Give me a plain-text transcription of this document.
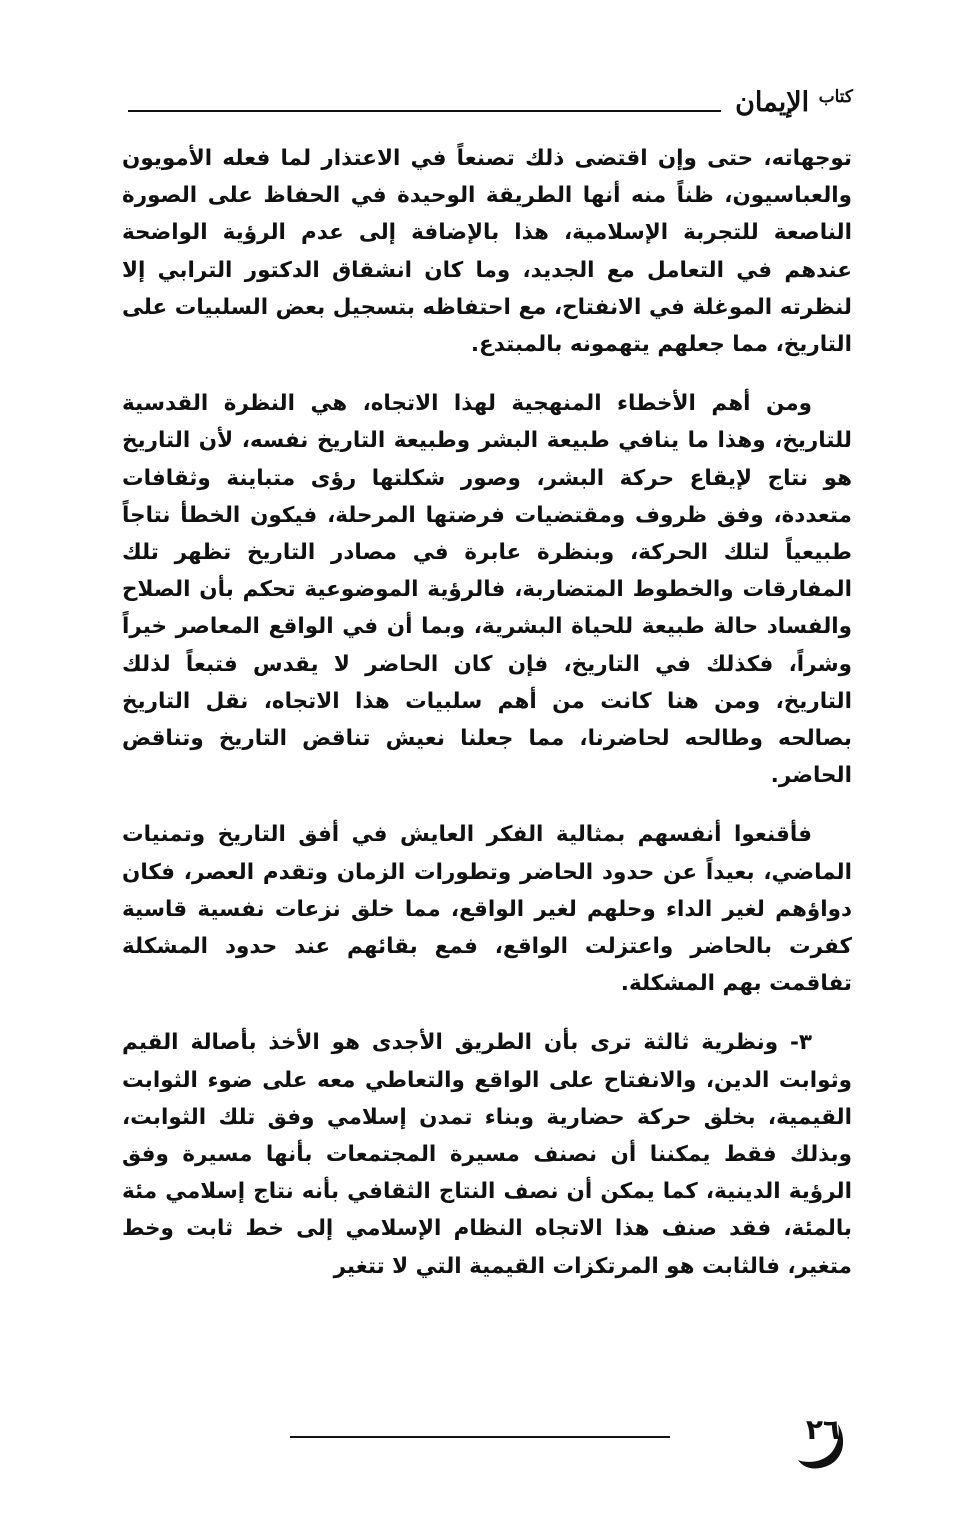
$^{كتاب}$ الإيمان

توجهاته، حتى وإن اقتضى ذلك تصنعاً في الاعتذار لما فعله الأمويون والعباسيون، ظناً منه أنها الطريقة الوحيدة في الحفاظ على الصورة الناصعة للتجربة الإسلامية، هذا بالإضافة إلى عدم الرؤية الواضحة عندهم في التعامل مع الجديد، وما كان انشقاق الدكتور الترابي إلا لنظرته الموغلة في الانفتاح، مع احتفاظه بتسجيل بعض السلبيات على التاريخ، مما جعلهم يتهمونه بالمبتدع.

ومن أهم الأخطاء المنهجية لهذا الاتجاه، هي النظرة القدسية للتاريخ، وهذا ما ينافي طبيعة البشر وطبيعة التاريخ نفسه، لأن التاريخ هو نتاج لإيقاع حركة البشر، وصور شكلتها رؤى متباينة وثقافات متعددة، وفق ظروف ومقتضيات فرضتها المرحلة، فيكون الخطأ نتاجاً طبيعياً لتلك الحركة، وبنظرة عابرة في مصادر التاريخ تظهر تلك المفارقات والخطوط المتضاربة، فالرؤية الموضوعية تحكم بأن الصلاح والفساد حالة طبيعة للحياة البشرية، وبما أن في الواقع المعاصر خيراً وشراً، فكذلك في التاريخ، فإن كان الحاضر لا يقدس فتبعاً لذلك التاريخ، ومن هنا كانت من أهم سلبيات هذا الاتجاه، نقل التاريخ بصالحه وطالحه لحاضرنا، مما جعلنا نعيش تناقض التاريخ وتناقض الحاضر.

فأقنعوا أنفسهم بمثالية الفكر العايش في أفق التاريخ وتمنيات الماضي، بعيداً عن حدود الحاضر وتطورات الزمان وتقدم العصر، فكان دواؤهم لغير الداء وحلهم لغير الواقع، مما خلق نزعات نفسية قاسية كفرت بالحاضر واعتزلت الواقع، فمع بقائهم عند حدود المشكلة تفاقمت بهم المشكلة.

٣- ونظرية ثالثة ترى بأن الطريق الأجدى هو الأخذ بأصالة القيم وثوابت الدين، والانفتاح على الواقع والتعاطي معه على ضوء الثوابت القيمية، بخلق حركة حضارية وبناء تمدن إسلامي وفق تلك الثوابت، وبذلك فقط يمكننا أن نصنف مسيرة المجتمعات بأنها مسيرة وفق الرؤية الدينية، كما يمكن أن نصف النتاج الثقافي بأنه نتاج إسلامي مئة بالمئة، فقد صنف هذا الاتجاه النظام الإسلامي إلى خط ثابت وخط متغير، فالثابت هو المرتكزات القيمية التي لا تتغير

٢٦
